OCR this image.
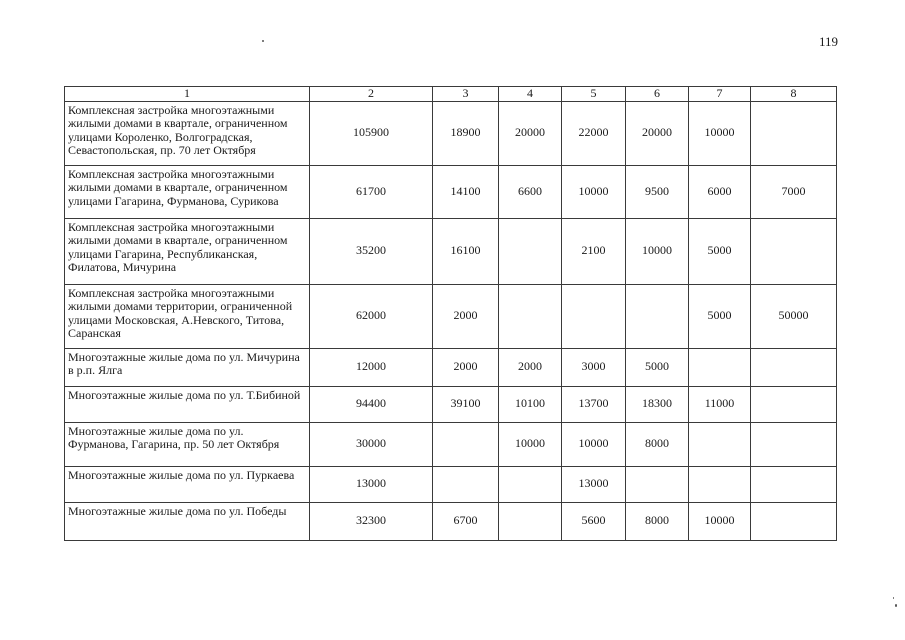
119
1	2	3	4	5	6	7	8
Комплексная застройка многоэтажными жилыми домами в квартале, ограниченном улицами Короленко, Волгоградская, Севастопольская, пр. 70 лет Октября	105900	18900	20000	22000	20000	10000	
Комплексная застройка многоэтажными жилыми домами в квартале, ограниченном улицами Гагарина, Фурманова, Сурикова	61700	14100	6600	10000	9500	6000	7000
Комплексная застройка многоэтажными жилыми домами в квартале, ограниченном улицами Гагарина, Республиканская, Филатова, Мичурина	35200	16100		2100	10000	5000	
Комплексная застройка многоэтажными жилыми домами территории, ограниченной улицами Московская, А.Невского, Титова, Саранская	62000	2000				5000	50000
Многоэтажные жилые дома по ул. Мичурина в р.п. Ялга	12000	2000	2000	3000	5000		
Многоэтажные жилые дома по ул. Т.Бибиной	94400	39100	10100	13700	18300	11000	
Многоэтажные жилые дома по ул. Фурманова, Гагарина, пр. 50 лет Октября	30000		10000	10000	8000		
Многоэтажные жилые дома по ул. Пуркаева	13000			13000			
Многоэтажные жилые дома по ул. Победы	32300	6700		5600	8000	10000	
